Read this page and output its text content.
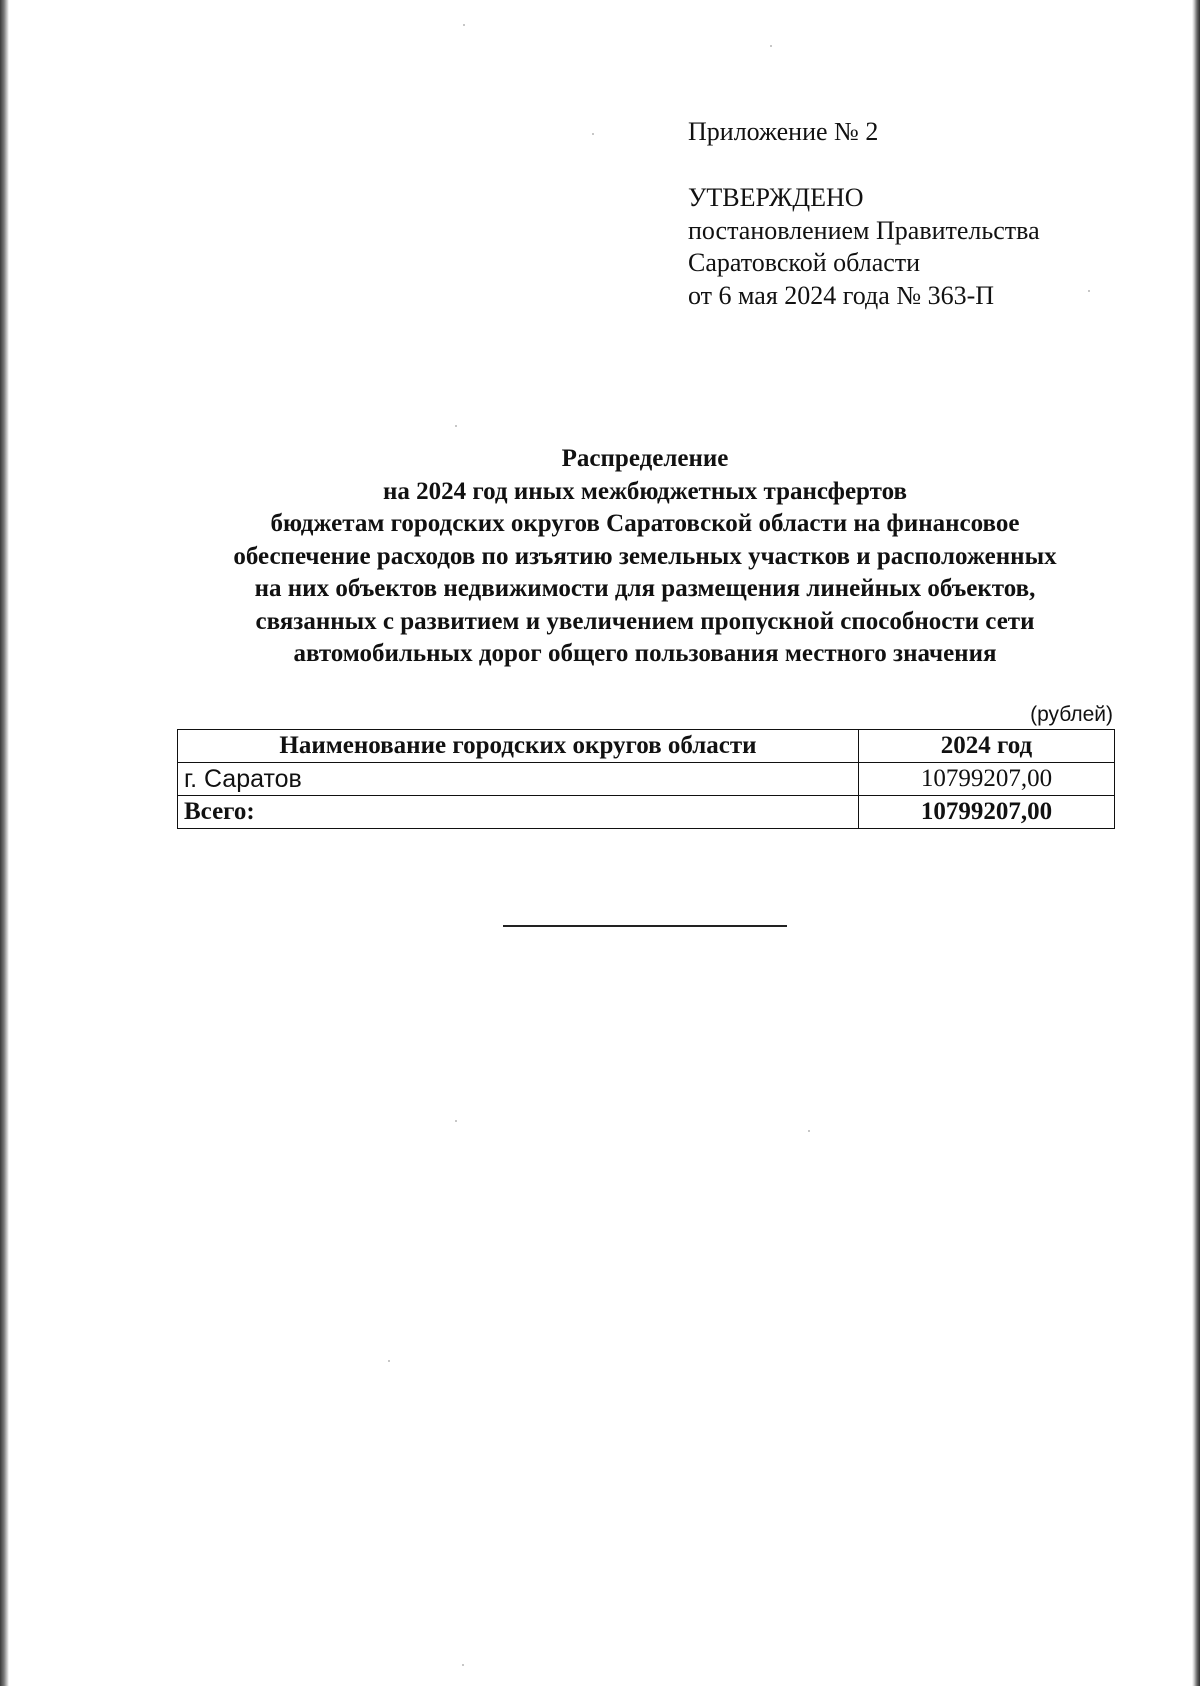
Приложение № 2
УТВЕРЖДЕНО
постановлением Правительства
Саратовской области
от 6 мая 2024 года № 363-П
Распределение
на 2024 год иных межбюджетных трансфертов
бюджетам городских округов Саратовской области на финансовое
обеспечение расходов по изъятию земельных участков и расположенных
на них объектов недвижимости для размещения линейных объектов,
связанных с развитием и увеличением пропускной способности сети
автомобильных дорог общего пользования местного значения
(рублей)
Наименование городских округов области	2024 год
г. Саратов	10799207,00
Всего:	10799207,00
